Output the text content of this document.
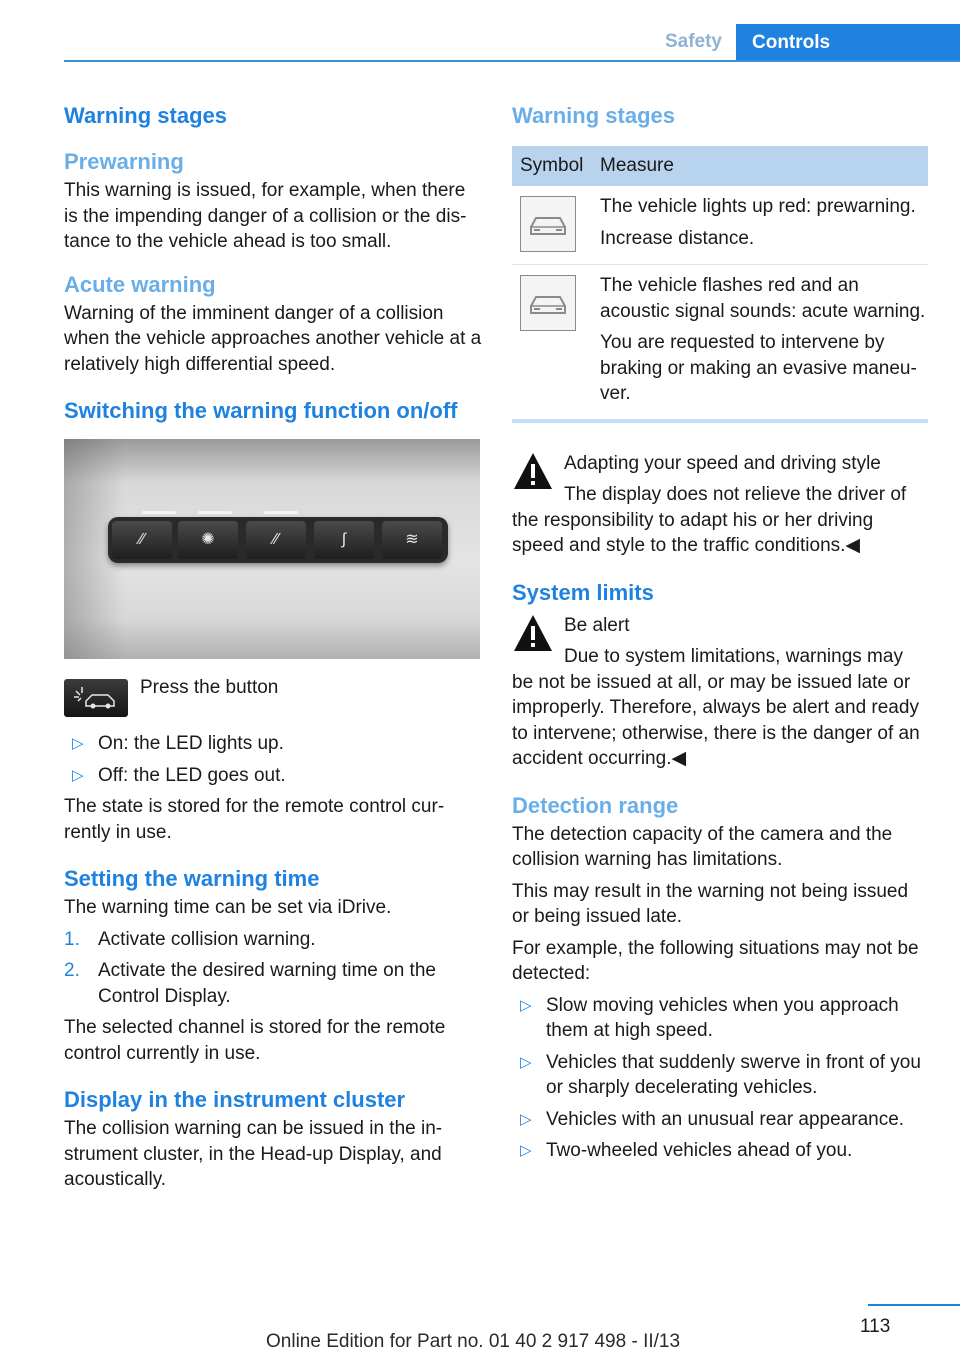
Safety	Controls
Warning stages
Prewarning

This warning is issued, for example, when there is the impending danger of a collision or the distance to the vehicle ahead is too small.

Acute warning

Warning of the imminent danger of a collision when the vehicle approaches another vehicle at a relatively high differential speed.

Switching the warning function on/off
⁄∕	✺	⁄⁄	∫	≋

Press the button

▷ On: the LED lights up.
▷ Off: the LED goes out.

The state is stored for the remote control currently in use.

Setting the warning time

The warning time can be set via iDrive.

1. Activate collision warning.
2. Activate the desired warning time on the Control Display.

The selected channel is stored for the remote control currently in use.

Display in the instrument cluster

The collision warning can be issued in the instrument cluster, in the Head-up Display, and acoustically.

Warning stages
Symbol Measure

The vehicle lights up red: prewarning.

Increase distance.

The vehicle flashes red and an acoustic signal sounds: acute warning.

You are requested to intervene by braking or making an evasive maneuver.

Adapting your speed and driving style

The display does not relieve the driver of the responsibility to adapt his or her driving speed and style to the traffic conditions.◀

System limits

Be alert

Due to system limitations, warnings may be not be issued at all, or may be issued late or improperly. Therefore, always be alert and ready to intervene; otherwise, there is the danger of an accident occurring.◀

Detection range

The detection capacity of the camera and the collision warning has limitations.

This may result in the warning not being issued or being issued late.

For example, the following situations may not be detected:

▷ Slow moving vehicles when you approach them at high speed.
▷ Vehicles that suddenly swerve in front of you or sharply decelerating vehicles.
▷ Vehicles with an unusual rear appearance.
▷ Two-wheeled vehicles ahead of you.
113
Online Edition for Part no. 01 40 2 917 498 - II/13
